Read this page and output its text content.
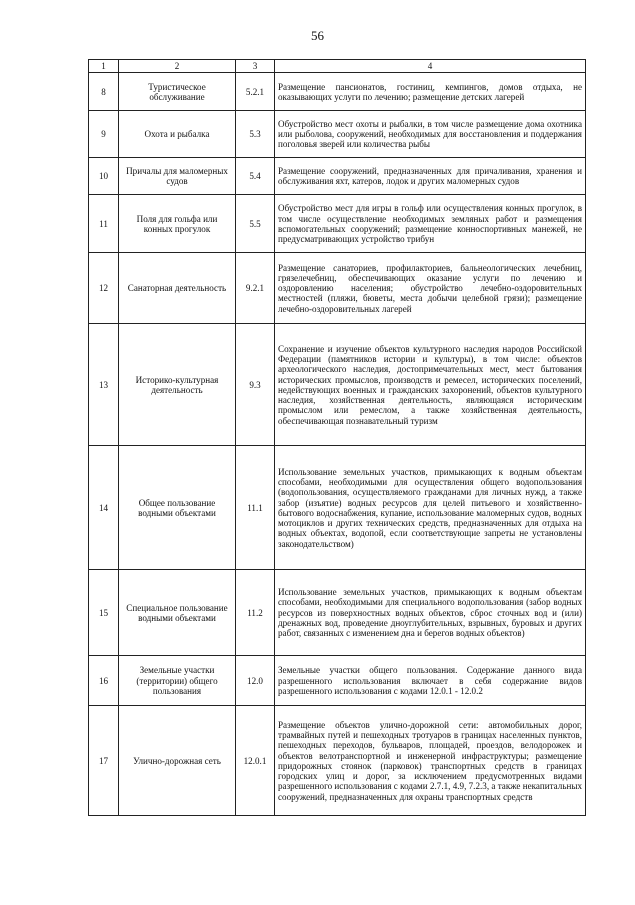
56
1	2	3	4
8	Туристическое обслуживание	5.2.1	Размещение пансионатов, гостиниц, кемпингов, домов отдыха, не оказывающих услуги по лечению; размещение детских лагерей
9	Охота и рыбалка	5.3	Обустройство мест охоты и рыбалки, в том числе размещение дома охотника или рыболова, сооружений, необходимых для восстановления и поддержания поголовья зверей или количества рыбы
10	Причалы для маломерных судов	5.4	Размещение сооружений, предназначенных для причаливания, хранения и обслуживания яхт, катеров, лодок и других маломерных судов
11	Поля для гольфа или конных прогулок	5.5	Обустройство мест для игры в гольф или осуществления конных прогулок, в том числе осуществление необходимых земляных работ и размещения вспомогательных сооружений; размещение конноспортивных манежей, не предусматривающих устройство трибун
12	Санаторная деятельность	9.2.1	Размещение санаториев, профилакториев, бальнеологических лечебниц, грязелечебниц, обеспечивающих оказание услуги по лечению и оздоровлению населения; обустройство лечебно-оздоровительных местностей (пляжи, бюветы, места добычи целебной грязи); размещение лечебно-оздоровительных лагерей
13	Историко-культурная деятельность	9.3	Сохранение и изучение объектов культурного наследия народов Российской Федерации (памятников истории и культуры), в том числе: объектов археологического наследия, достопримечательных мест, мест бытования исторических промыслов, производств и ремесел, исторических поселений, недействующих военных и гражданских захоронений, объектов культурного наследия, хозяйственная деятельность, являющаяся историческим промыслом или ремеслом, а также хозяйственная деятельность, обеспечивающая познавательный туризм
14	Общее пользование водными объектами	11.1	Использование земельных участков, примыкающих к водным объектам способами, необходимыми для осуществления общего водопользования (водопользования, осуществляемого гражданами для личных нужд, а также забор (изъятие) водных ресурсов для целей питьевого и хозяйственно-бытового водоснабжения, купание, использование маломерных судов, водных мотоциклов и других технических средств, предназначенных для отдыха на водных объектах, водопой, если соответствующие запреты не установлены законодательством)
15	Специальное пользование водными объектами	11.2	Использование земельных участков, примыкающих к водным объектам способами, необходимыми для специального водопользования (забор водных ресурсов из поверхностных водных объектов, сброс сточных вод и (или) дренажных вод, проведение дноуглубительных, взрывных, буровых и других работ, связанных с изменением дна и берегов водных объектов)
16	Земельные участки (территории) общего пользования	12.0	Земельные участки общего пользования. Содержание данного вида разрешенного использования включает в себя содержание видов разрешенного использования с кодами 12.0.1 - 12.0.2
17	Улично-дорожная сеть	12.0.1	Размещение объектов улично-дорожной сети: автомобильных дорог, трамвайных путей и пешеходных тротуаров в границах населенных пунктов, пешеходных переходов, бульваров, площадей, проездов, велодорожек и объектов велотранспортной и инженерной инфраструктуры; размещение придорожных стоянок (парковок) транспортных средств в границах городских улиц и дорог, за исключением предусмотренных видами разрешенного использования с кодами 2.7.1, 4.9, 7.2.3, а также некапитальных сооружений, предназначенных для охраны транспортных средств
